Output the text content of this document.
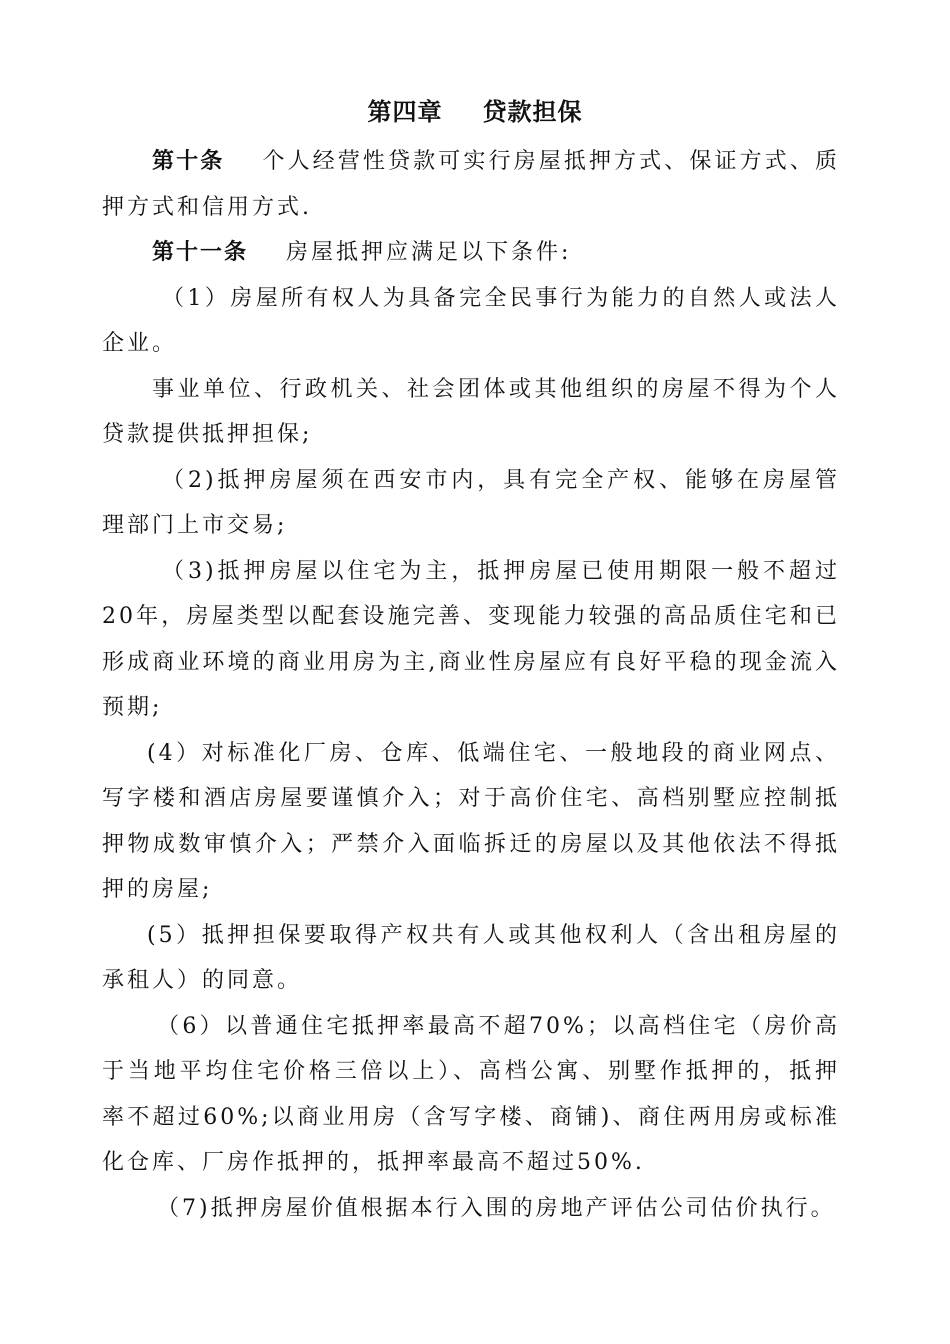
第四章 贷款担保

第十条 个人经营性贷款可实行房屋抵押方式、保证方式、质押方式和信用方式.

第十一条 房屋抵押应满足以下条件:

（1）房屋所有权人为具备完全民事行为能力的自然人或法人企业。

事业单位、行政机关、社会团体或其他组织的房屋不得为个人贷款提供抵押担保;

（2)抵押房屋须在西安市内，具有完全产权、能够在房屋管理部门上市交易;

（3)抵押房屋以住宅为主，抵押房屋已使用期限一般不超过20年，房屋类型以配套设施完善、变现能力较强的高品质住宅和已形成商业环境的商业用房为主,商业性房屋应有良好平稳的现金流入预期;

(4）对标准化厂房、仓库、低端住宅、一般地段的商业网点、写字楼和酒店房屋要谨慎介入；对于高价住宅、高档别墅应控制抵押物成数审慎介入；严禁介入面临拆迁的房屋以及其他依法不得抵押的房屋;

(5）抵押担保要取得产权共有人或其他权利人（含出租房屋的承租人）的同意。

（6）以普通住宅抵押率最高不超70%；以高档住宅（房价高于当地平均住宅价格三倍以上）、高档公寓、别墅作抵押的，抵押率不超过60%;以商业用房（含写字楼、商铺)、商住两用房或标准化仓库、厂房作抵押的，抵押率最高不超过50%.

（7)抵押房屋价值根据本行入围的房地产评估公司估价执行。
